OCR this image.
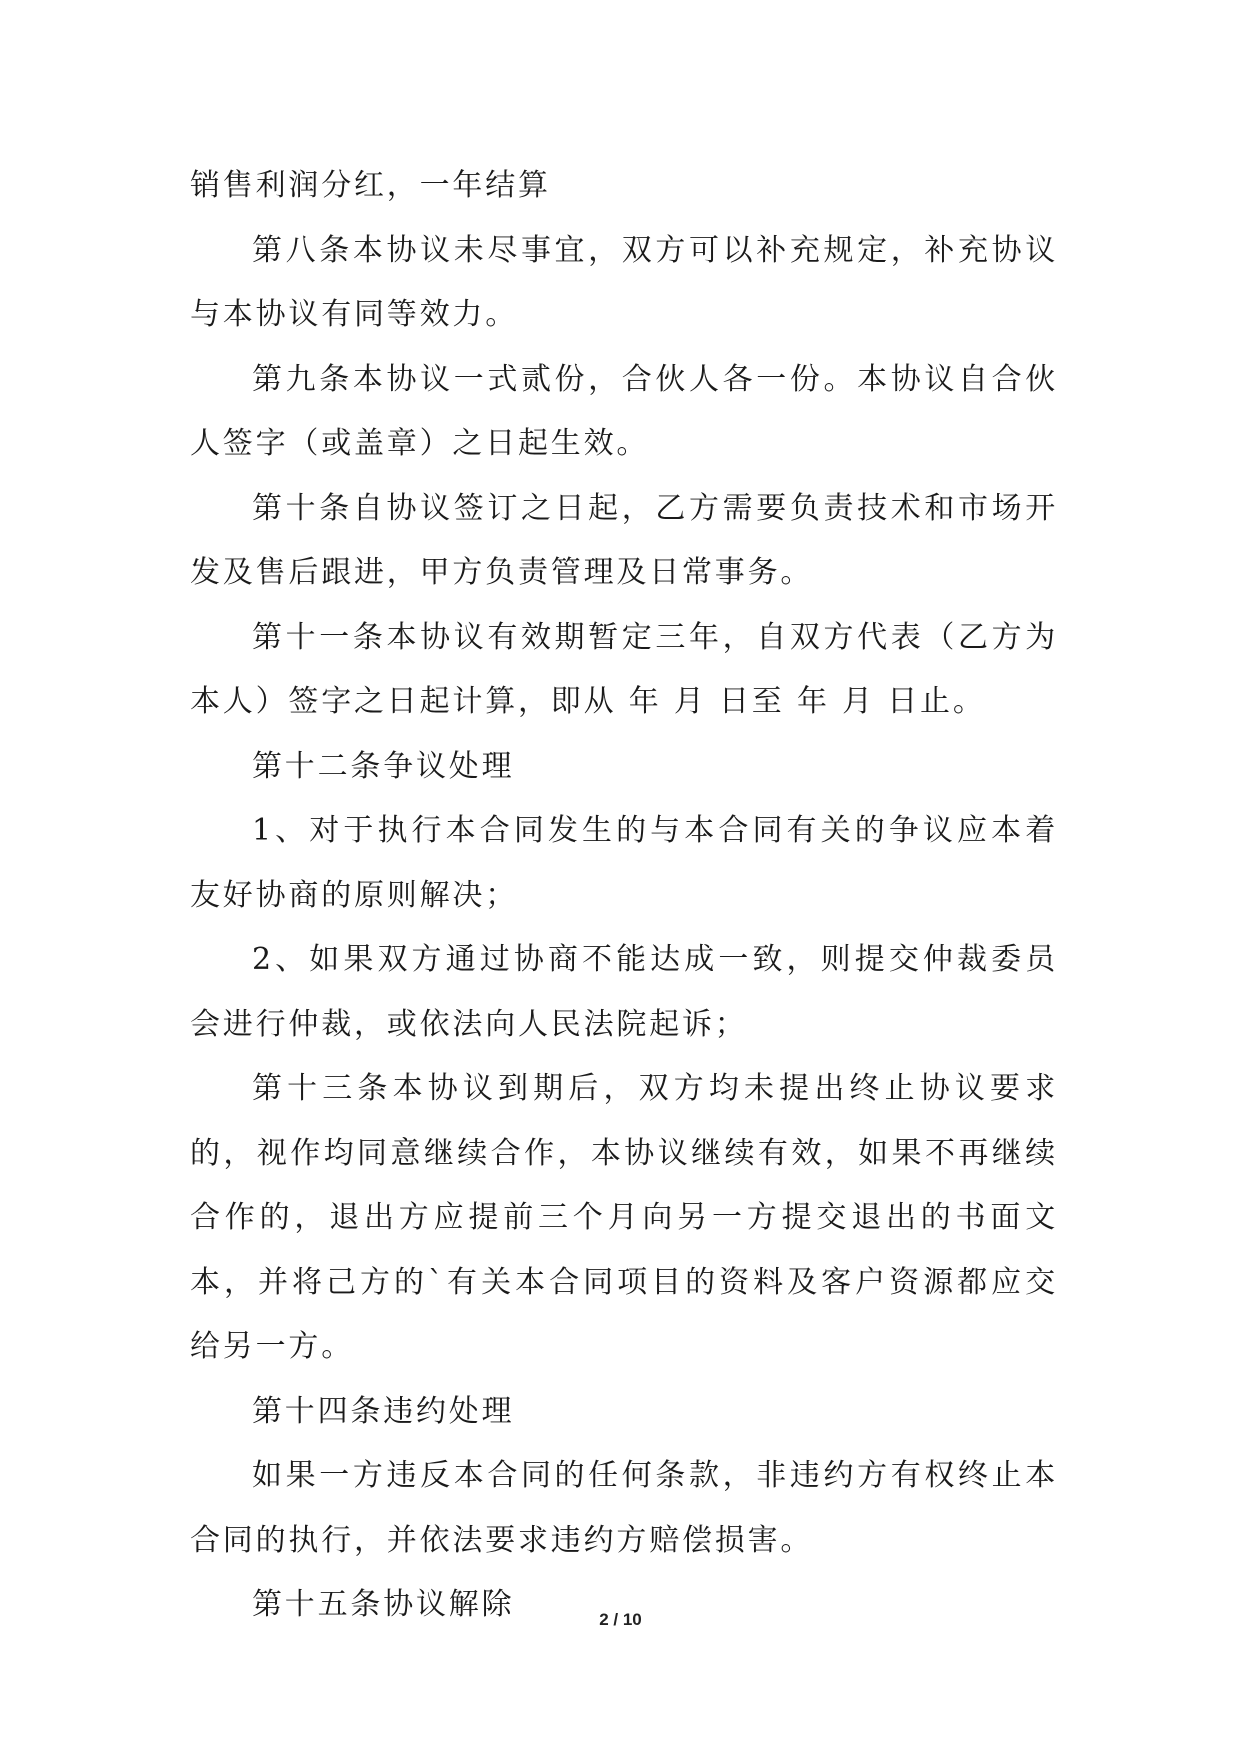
销售利润分红，一年结算

第八条本协议未尽事宜，双方可以补充规定，补充协议与本协议有同等效力。

第九条本协议一式贰份，合伙人各一份。本协议自合伙人签字（或盖章）之日起生效。

第十条自协议签订之日起，乙方需要负责技术和市场开发及售后跟进，甲方负责管理及日常事务。

第十一条本协议有效期暂定三年，自双方代表（乙方为本人）签字之日起计算，即从 年 月 日至 年 月 日止。

第十二条争议处理

1、对于执行本合同发生的与本合同有关的争议应本着友好协商的原则解决；

2、如果双方通过协商不能达成一致，则提交仲裁委员会进行仲裁，或依法向人民法院起诉；

第十三条本协议到期后，双方均未提出终止协议要求的，视作均同意继续合作，本协议继续有效，如果不再继续合作的，退出方应提前三个月向另一方提交退出的书面文本，并将己方的`有关本合同项目的资料及客户资源都应交给另一方。

第十四条违约处理

如果一方违反本合同的任何条款，非违约方有权终止本合同的执行，并依法要求违约方赔偿损害。

第十五条协议解除	2 / 10
